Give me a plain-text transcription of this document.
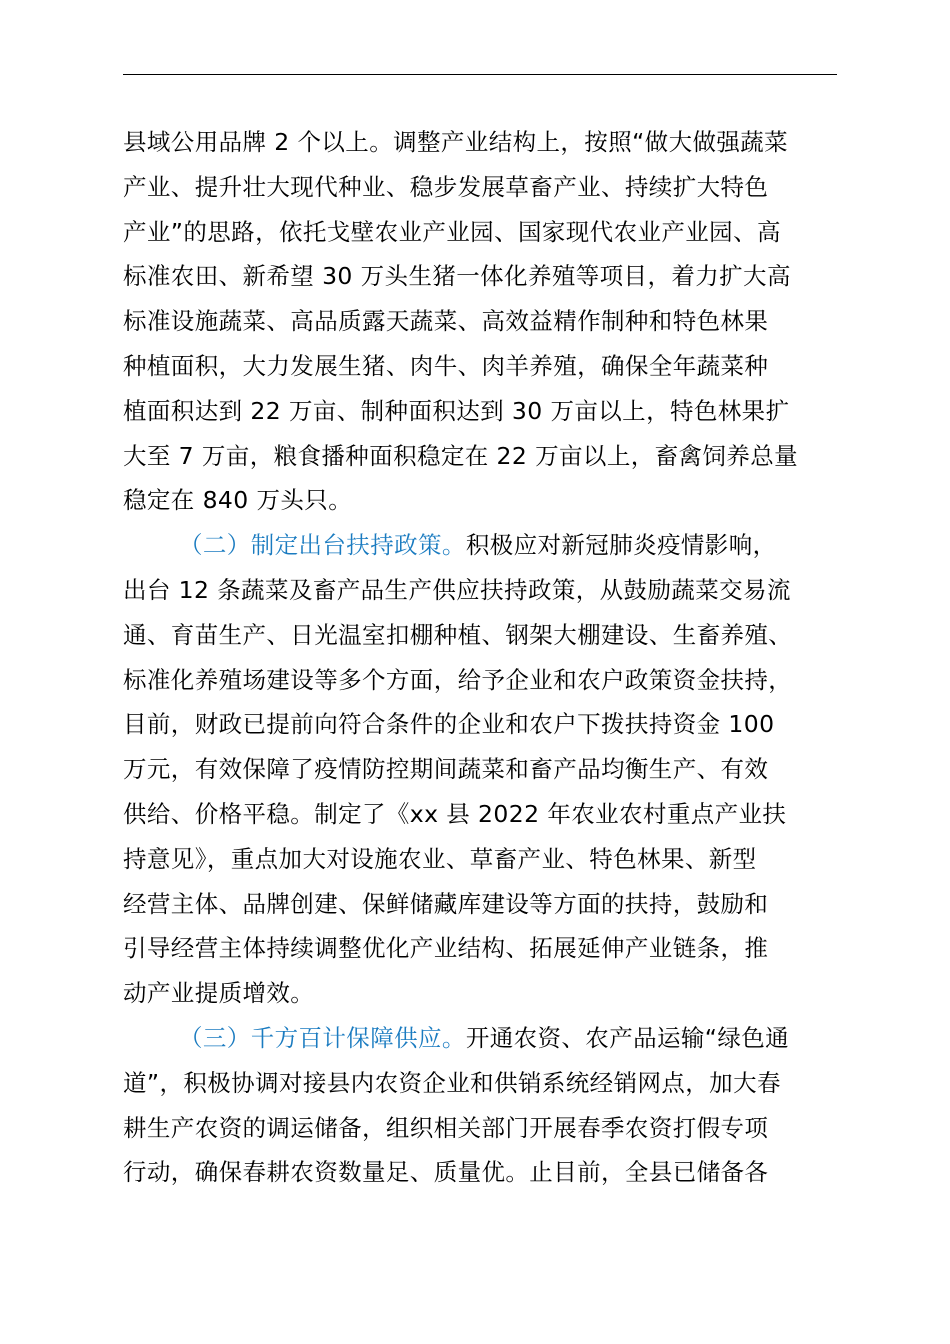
县域公用品牌 2 个以上。调整产业结构上，按照“做大做强蔬菜
产业、提升壮大现代种业、稳步发展草畜产业、持续扩大特色
产业”的思路，依托戈壁农业产业园、国家现代农业产业园、高
标准农田、新希望 30 万头生猪一体化养殖等项目，着力扩大高
标准设施蔬菜、高品质露天蔬菜、高效益精作制种和特色林果
种植面积，大力发展生猪、肉牛、肉羊养殖，确保全年蔬菜种
植面积达到 22 万亩、制种面积达到 30 万亩以上，特色林果扩
大至 7 万亩，粮食播种面积稳定在 22 万亩以上，畜禽饲养总量
稳定在 840 万头只。
（二）制定出台扶持政策。积极应对新冠肺炎疫情影响，
出台 12 条蔬菜及畜产品生产供应扶持政策，从鼓励蔬菜交易流
通、育苗生产、日光温室扣棚种植、钢架大棚建设、生畜养殖、
标准化养殖场建设等多个方面，给予企业和农户政策资金扶持，
目前，财政已提前向符合条件的企业和农户下拨扶持资金 100
万元，有效保障了疫情防控期间蔬菜和畜产品均衡生产、有效
供给、价格平稳。制定了《xx 县 2022 年农业农村重点产业扶
持意见》，重点加大对设施农业、草畜产业、特色林果、新型
经营主体、品牌创建、保鲜储藏库建设等方面的扶持，鼓励和
引导经营主体持续调整优化产业结构、拓展延伸产业链条，推
动产业提质增效。
（三）千方百计保障供应。开通农资、农产品运输“绿色通
道”，积极协调对接县内农资企业和供销系统经销网点，加大春
耕生产农资的调运储备，组织相关部门开展春季农资打假专项
行动，确保春耕农资数量足、质量优。止目前，全县已储备各
